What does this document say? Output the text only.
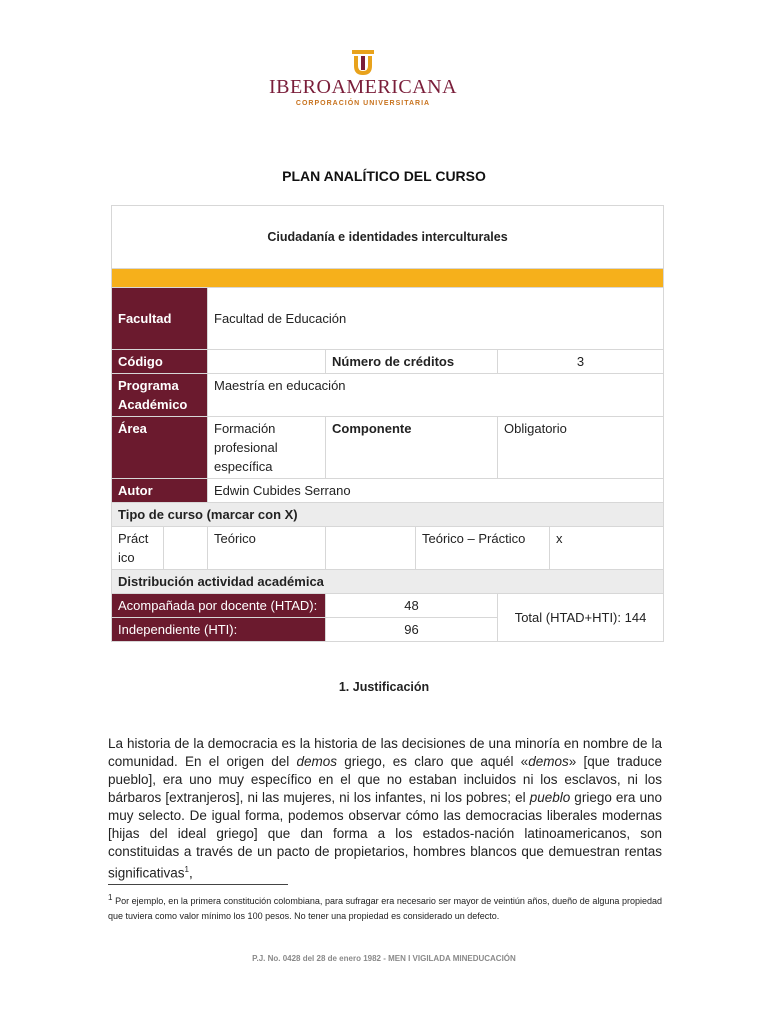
IBEROAMERICANA
CORPORACIÓN UNIVERSITARIA
PLAN ANALÍTICO DEL CURSO
Ciudadanía e identidades interculturales						

Facultad		Facultad de Educación				
Código			Número de créditos		3	
Programa Académico		Maestría en educación				
Área		Formación profesional específica	Componente		Obligatorio	
Autor		Edwin Cubides Serrano				
Tipo de curso (marcar con X)						
Práct ico		Teórico		Teórico – Práctico		x
Distribución actividad académica						
Acompañada por docente (HTAD):			48		Total (HTAD+HTI): 144	
Independiente (HTI):			96			
1. Justificación
La historia de la democracia es la historia de las decisiones de una minoría en nombre de la comunidad. En el origen del demos griego, es claro que aquél «demos» [que traduce pueblo], era uno muy específico en el que no estaban incluidos ni los esclavos, ni los bárbaros [extranjeros], ni las mujeres, ni los infantes, ni los pobres; el pueblo griego era uno muy selecto. De igual forma, podemos observar cómo las democracias liberales modernas [hijas del ideal griego] que dan forma a los estados-nación latinoamericanos, son constituidas a través de un pacto de propietarios, hombres blancos que demuestran rentas significativas$^1$,
$^1$ Por ejemplo, en la primera constitución colombiana, para sufragar era necesario ser mayor de veintiún años, dueño de alguna propiedad que tuviera como valor mínimo los 100 pesos. No tener una propiedad es considerado un defecto.
P.J. No. 0428 del 28 de enero 1982 - MEN I VIGILADA MINEDUCACIÓN
